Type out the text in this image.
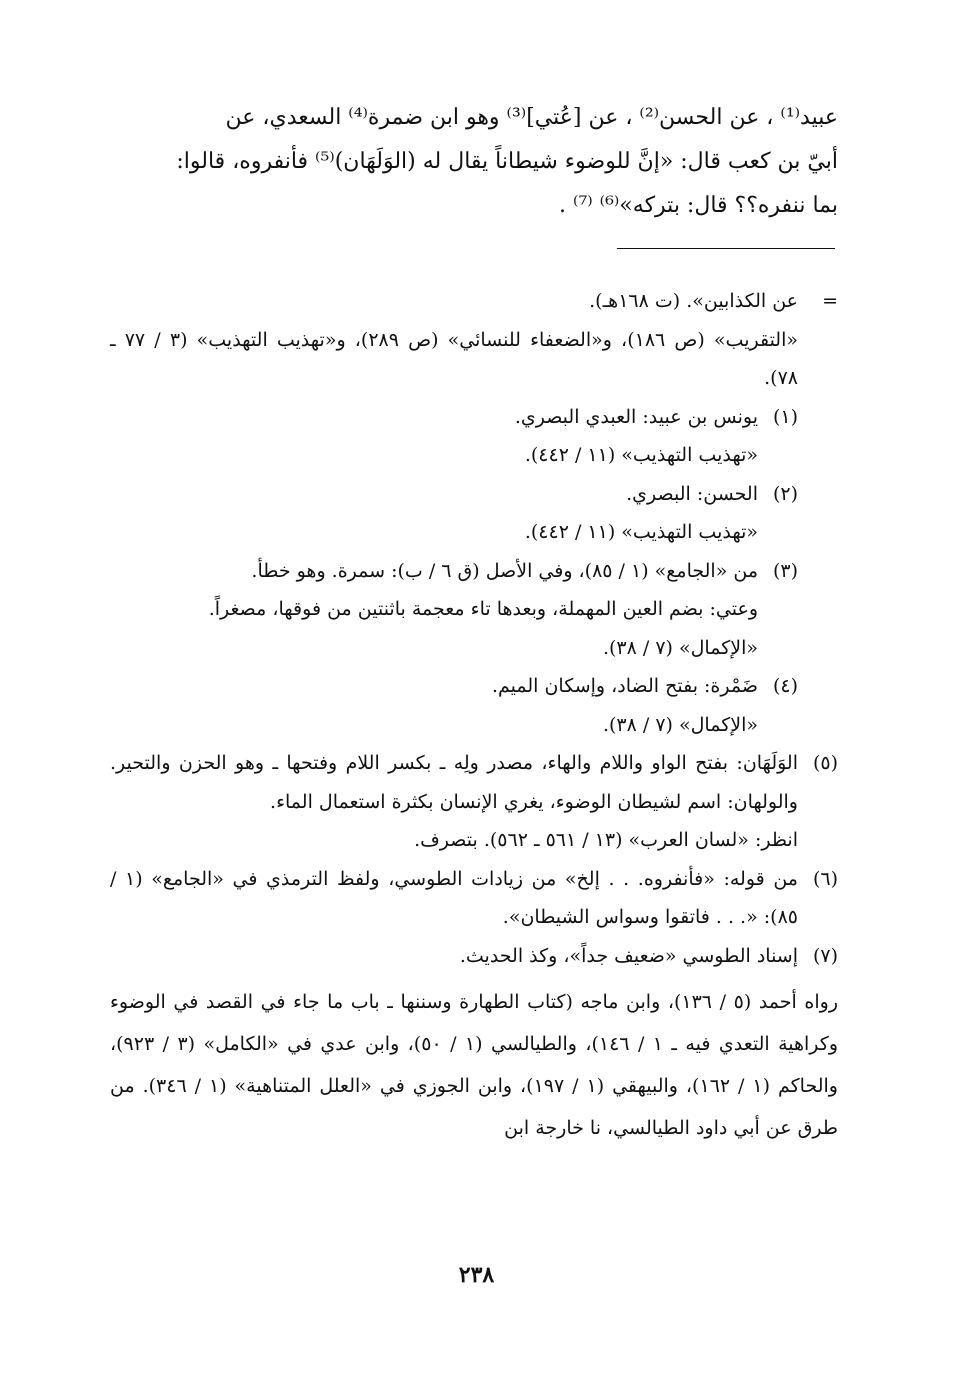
عبيد⁽¹⁾ ، عن الحسن⁽²⁾ ، عن [عُتي]⁽³⁾ وهو ابن ضمرة⁽⁴⁾ السعدي، عن

أبيّ بن كعب قال: «إنَّ للوضوء شيطاناً يقال له (الوَلَهَان)⁽⁵⁾ فأنفروه، قالوا:

بما ننفره؟؟ قال: بتركه»⁽⁶⁾ ⁽⁷⁾ .

=

عن الكذابين». (ت ١٦٨هـ).

«التقريب» (ص ١٨٦)، و«الضعفاء للنسائي» (ص ٢٨٩)، و«تهذيب التهذيب» (٣ / ٧٧ ـ ٧٨).

(١)

يونس بن عبيد: العبدي البصري.

«تهذيب التهذيب» (١١ / ٤٤٢).

(٢)

الحسن: البصري.

«تهذيب التهذيب» (١١ / ٤٤٢).

(٣)

من «الجامع» (١ / ٨٥)، وفي الأصل (ق ٦ / ب): سمرة. وهو خطأ.

وعتي: بضم العين المهملة، وبعدها تاء معجمة باثنتين من فوقها، مصغراً.

«الإكمال» (٧ / ٣٨).

(٤)

ضَمْرة: بفتح الضاد، وإسكان الميم.

«الإكمال» (٧ / ٣٨).

(٥)

الوَلَهَان: بفتح الواو واللام والهاء، مصدر ولِه ـ بكسر اللام وفتحها ـ وهو الحزن والتحير. والولهان: اسم لشيطان الوضوء، يغري الإنسان بكثرة استعمال الماء.

انظر: «لسان العرب» (١٣ / ٥٦١ ـ ٥٦٢). بتصرف.

(٦)

من قوله: «فأنفروه. . . إلخ» من زيادات الطوسي، ولفظ الترمذي في «الجامع» (١ / ٨٥): «. . . فاتقوا وسواس الشيطان».

(٧)

إسناد الطوسي «ضعيف جداً»، وكذ الحديث.

رواه أحمد (٥ / ١٣٦)، وابن ماجه (كتاب الطهارة وسننها ـ باب ما جاء في القصد في الوضوء وكراهية التعدي فيه ـ ١ / ١٤٦)، والطيالسي (١ / ٥٠)، وابن عدي في «الكامل» (٣ / ٩٢٣)، والحاكم (١ / ١٦٢)، والبيهقي (١ / ١٩٧)، وابن الجوزي في «العلل المتناهية» (١ / ٣٤٦). من طرق عن أبي داود الطيالسي، نا خارجة ابن

٢٣٨
